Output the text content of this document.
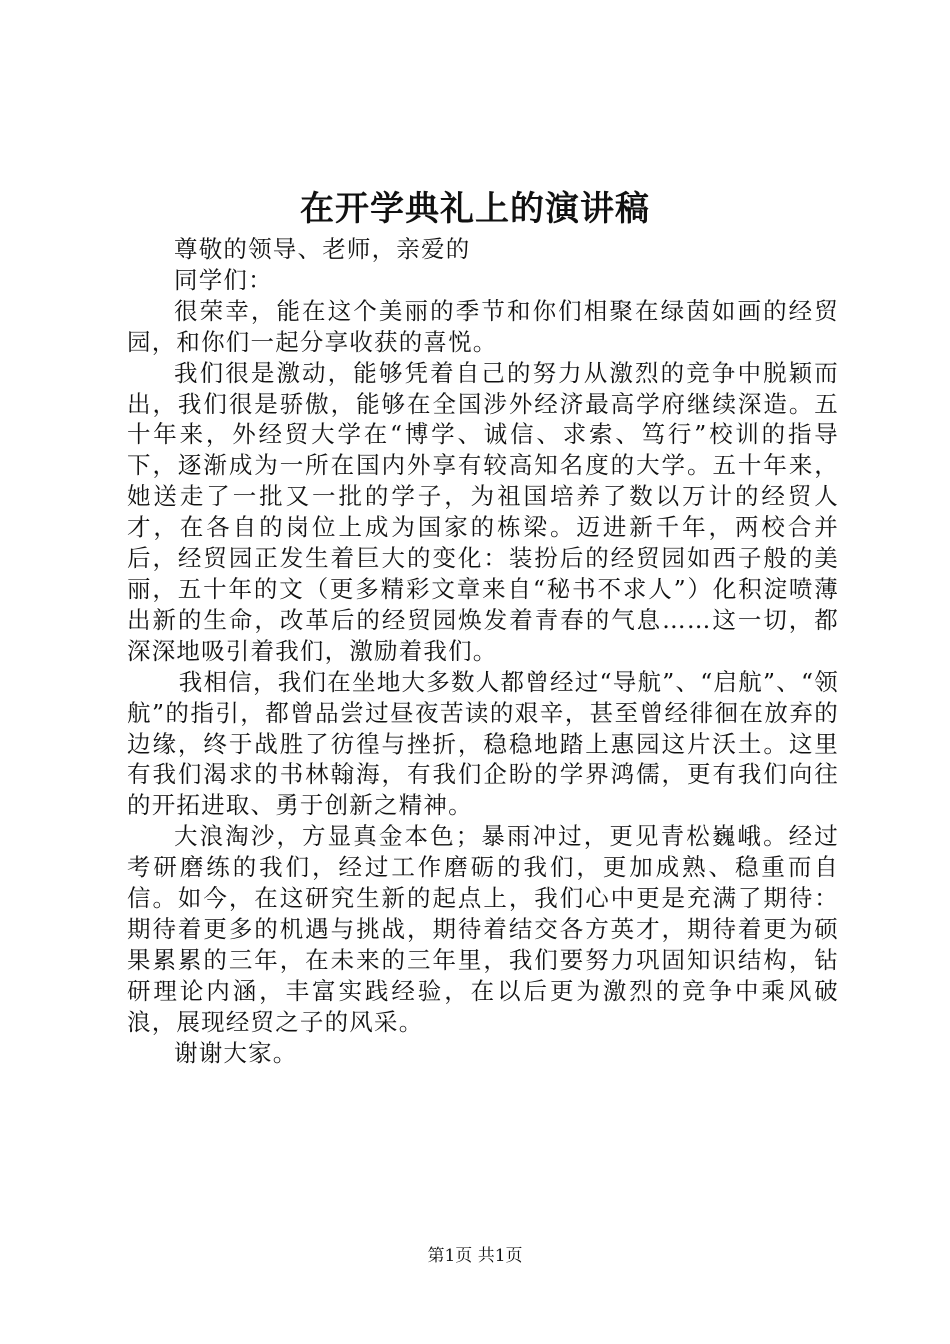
在开学典礼上的演讲稿

尊敬的领导、老师，亲爱的

同学们：

很荣幸，能在这个美丽的季节和你们相聚在绿茵如画的经贸园，和你们一起分享收获的喜悦。

我们很是激动，能够凭着自己的努力从激烈的竞争中脱颖而出，我们很是骄傲，能够在全国涉外经济最高学府继续深造。五十年来，外经贸大学在“博学、诚信、求索、笃行”校训的指导下，逐渐成为一所在国内外享有较高知名度的大学。五十年来，她送走了一批又一批的学子，为祖国培养了数以万计的经贸人才，在各自的岗位上成为国家的栋梁。迈进新千年，两校合并后，经贸园正发生着巨大的变化：装扮后的经贸园如西子般的美丽，五十年的文（更多精彩文章来自“秘书不求人”）化积淀喷薄出新的生命，改革后的经贸园焕发着青春的气息……这一切，都深深地吸引着我们，激励着我们。

我相信，我们在坐地大多数人都曾经过“导航”、“启航”、“领航”的指引，都曾品尝过昼夜苦读的艰辛，甚至曾经徘徊在放弃的边缘，终于战胜了彷徨与挫折，稳稳地踏上惠园这片沃土。这里有我们渴求的书林翰海，有我们企盼的学界鸿儒，更有我们向往的开拓进取、勇于创新之精神。

大浪淘沙，方显真金本色；暴雨冲过，更见青松巍峨。经过考研磨练的我们，经过工作磨砺的我们，更加成熟、稳重而自信。如今，在这研究生新的起点上，我们心中更是充满了期待：期待着更多的机遇与挑战，期待着结交各方英才，期待着更为硕果累累的三年，在未来的三年里，我们要努力巩固知识结构，钻研理论内涵，丰富实践经验，在以后更为激烈的竞争中乘风破浪，展现经贸之子的风采。

谢谢大家。

第1页 共1页
